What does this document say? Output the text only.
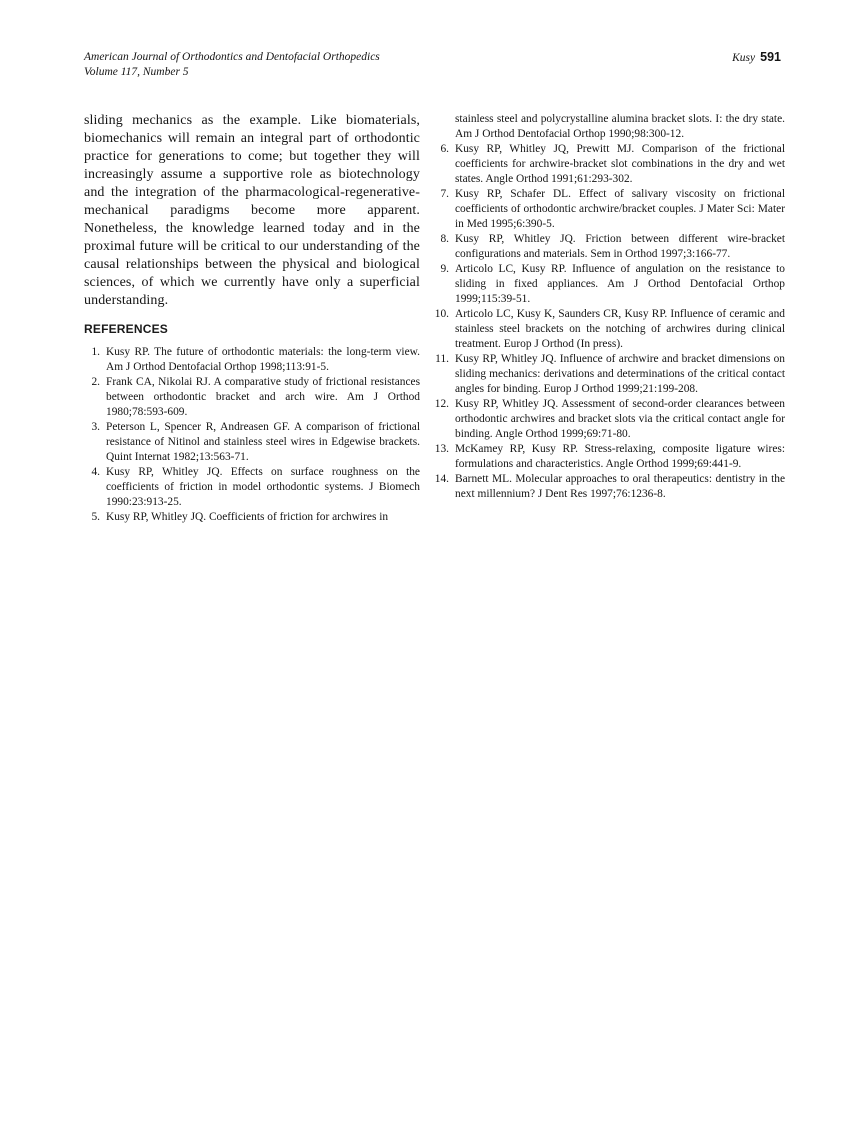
American Journal of Orthodontics and Dentofacial Orthopedics
Volume 117, Number 5
Kusy 591

sliding mechanics as the example. Like biomaterials, biomechanics will remain an integral part of orthodontic practice for generations to come; but together they will increasingly assume a supportive role as biotechnology and the integration of the pharmacological-regenerative-mechanical paradigms become more apparent. Nonetheless, the knowledge learned today and in the proximal future will be critical to our understanding of the causal relationships between the physical and biological sciences, of which we currently have only a superficial understanding.

REFERENCES
1. Kusy RP. The future of orthodontic materials: the long-term view. Am J Orthod Dentofacial Orthop 1998;113:91-5.
2. Frank CA, Nikolai RJ. A comparative study of frictional resistances between orthodontic bracket and arch wire. Am J Orthod 1980;78:593-609.
3. Peterson L, Spencer R, Andreasen GF. A comparison of frictional resistance of Nitinol and stainless steel wires in Edgewise brackets. Quint Internat 1982;13:563-71.
4. Kusy RP, Whitley JQ. Effects on surface roughness on the coefficients of friction in model orthodontic systems. J Biomech 1990:23:913-25.
5. Kusy RP, Whitley JQ. Coefficients of friction for archwires in
stainless steel and polycrystalline alumina bracket slots. I: the dry state. Am J Orthod Dentofacial Orthop 1990;98:300-12.
6. Kusy RP, Whitley JQ, Prewitt MJ. Comparison of the frictional coefficients for archwire-bracket slot combinations in the dry and wet states. Angle Orthod 1991;61:293-302.
7. Kusy RP, Schafer DL. Effect of salivary viscosity on frictional coefficients of orthodontic archwire/bracket couples. J Mater Sci: Mater in Med 1995;6:390-5.
8. Kusy RP, Whitley JQ. Friction between different wire-bracket configurations and materials. Sem in Orthod 1997;3:166-77.
9. Articolo LC, Kusy RP. Influence of angulation on the resistance to sliding in fixed appliances. Am J Orthod Dentofacial Orthop 1999;115:39-51.
10. Articolo LC, Kusy K, Saunders CR, Kusy RP. Influence of ceramic and stainless steel brackets on the notching of archwires during clinical treatment. Europ J Orthod (In press).
11. Kusy RP, Whitley JQ. Influence of archwire and bracket dimensions on sliding mechanics: derivations and determinations of the critical contact angles for binding. Europ J Orthod 1999;21:199-208.
12. Kusy RP, Whitley JQ. Assessment of second-order clearances between orthodontic archwires and bracket slots via the critical contact angle for binding. Angle Orthod 1999;69:71-80.
13. McKamey RP, Kusy RP. Stress-relaxing, composite ligature wires: formulations and characteristics. Angle Orthod 1999;69:441-9.
14. Barnett ML. Molecular approaches to oral therapeutics: dentistry in the next millennium? J Dent Res 1997;76:1236-8.
